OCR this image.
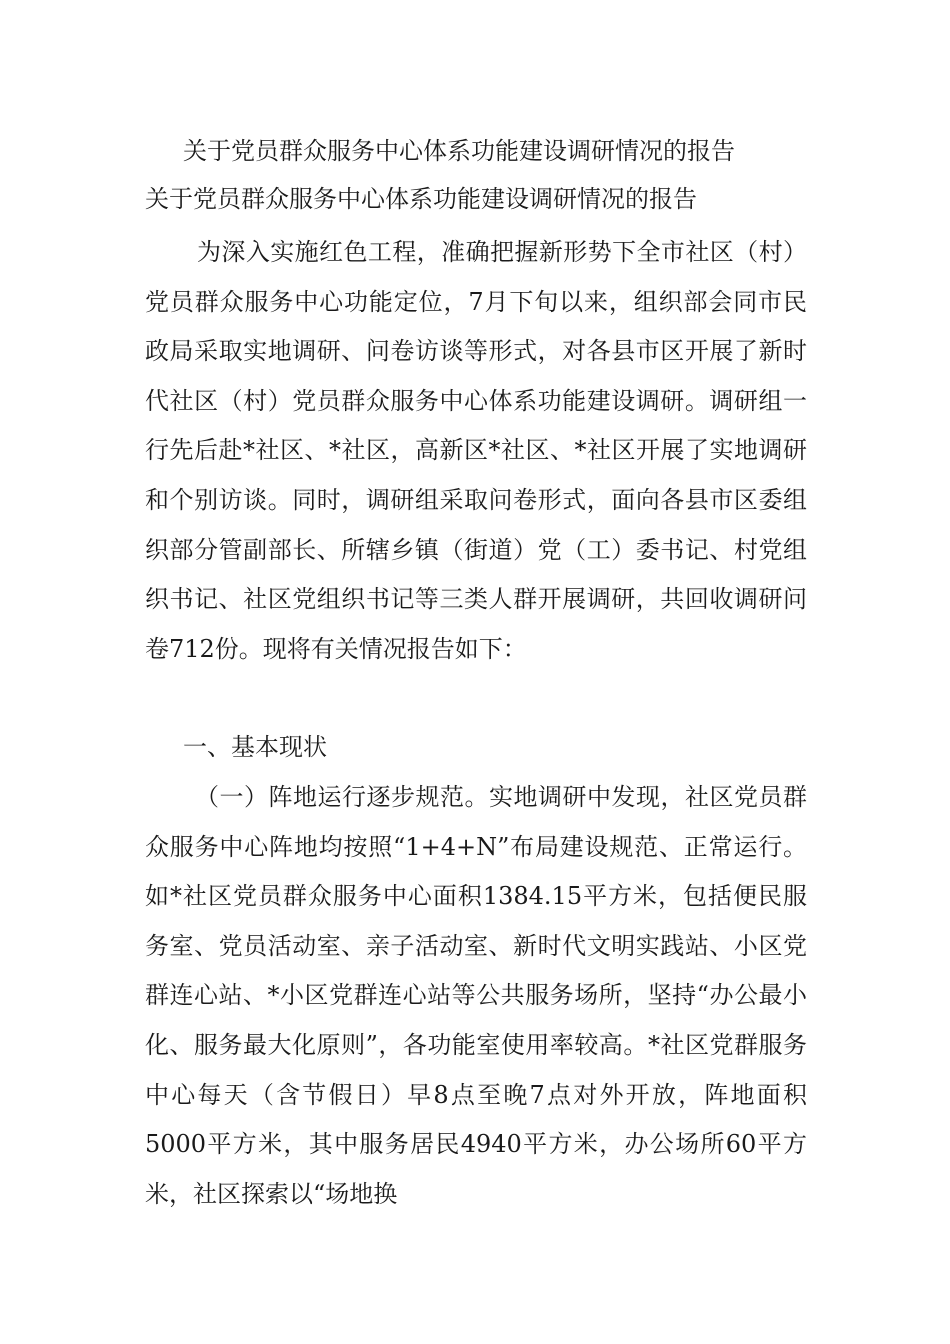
关于党员群众服务中心体系功能建设调研情况的报告
关于党员群众服务中心体系功能建设调研情况的报告
为深入实施红色工程，准确把握新形势下全市社区（村）党员群众服务中心功能定位，7月下旬以来，组织部会同市民政局采取实地调研、问卷访谈等形式，对各县市区开展了新时代社区（村）党员群众服务中心体系功能建设调研。调研组一行先后赴*社区、*社区，高新区*社区、*社区开展了实地调研和个别访谈。同时，调研组采取问卷形式，面向各县市区委组织部分管副部长、所辖乡镇（街道）党（工）委书记、村党组织书记、社区党组织书记等三类人群开展调研，共回收调研问卷712份。现将有关情况报告如下：
一、基本现状
（一）阵地运行逐步规范。实地调研中发现，社区党员群众服务中心阵地均按照“1+4+N”布局建设规范、正常运行。如*社区党员群众服务中心面积1384.15平方米，包括便民服务室、党员活动室、亲子活动室、新时代文明实践站、小区党群连心站、*小区党群连心站等公共服务场所，坚持“办公最小化、服务最大化原则”，各功能室使用率较高。*社区党群服务中心每天（含节假日）早8点至晚7点对外开放，阵地面积5000平方米，其中服务居民4940平方米，办公场所60平方米，社区探索以“场地换
